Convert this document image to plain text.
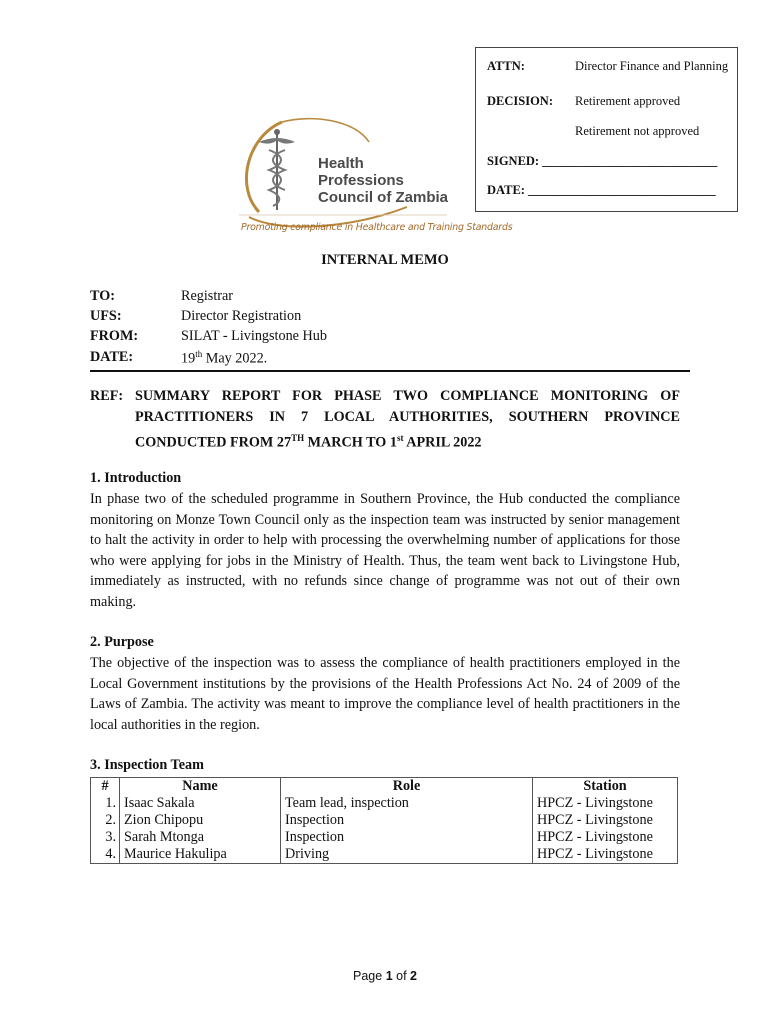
ATTN:	Director Finance and Planning
DECISION: Retirement approved
Retirement not approved
SIGNED: ____________________________
DATE: ______________________________
Health
Professions
Council of Zambia
Promoting compliance in Healthcare and Training Standards
INTERNAL MEMO
TO:	Registrar
UFS:	Director Registration
FROM:	SILAT - Livingstone Hub
DATE:	19th May 2022.
REF: SUMMARY REPORT FOR PHASE TWO COMPLIANCE MONITORING OF PRACTITIONERS IN 7 LOCAL AUTHORITIES, SOUTHERN PROVINCE CONDUCTED FROM 27TH MARCH TO 1st APRIL 2022
1. Introduction
In phase two of the scheduled programme in Southern Province, the Hub conducted the compliance monitoring on Monze Town Council only as the inspection team was instructed by senior management to halt the activity in order to help with processing the overwhelming number of applications for those who were applying for jobs in the Ministry of Health. Thus, the team went back to Livingstone Hub, immediately as instructed, with no refunds since change of programme was not out of their own making.
2. Purpose
The objective of the inspection was to assess the compliance of health practitioners employed in the Local Government institutions by the provisions of the Health Professions Act No. 24 of 2009 of the Laws of Zambia. The activity was meant to improve the compliance level of health practitioners in the local authorities in the region.
3. Inspection Team
#	Name	Role	Station
1.	Isaac Sakala	Team lead, inspection	HPCZ - Livingstone
2.	Zion Chipopu	Inspection	HPCZ - Livingstone
3.	Sarah Mtonga	Inspection	HPCZ - Livingstone
4.	Maurice Hakulipa	Driving	HPCZ - Livingstone
Page 1 of 2
